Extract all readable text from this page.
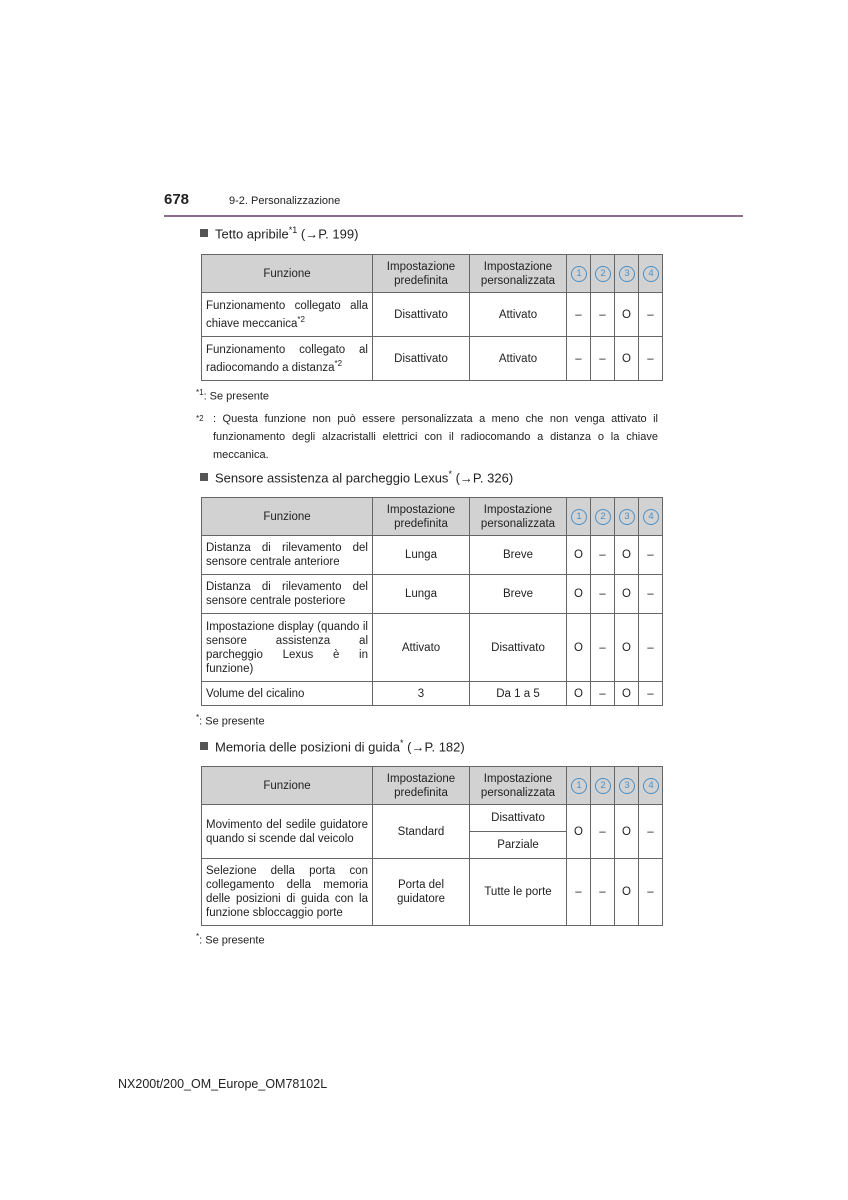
678	9-2. Personalizzazione
Tetto apribile$^{*1}$ (→P. 199)
Funzione	Impostazione predefinita	Impostazione personalizzata	1	2	3	4
Funzionamento collegato alla chiave meccanica$^{*2}$	Disattivato	Attivato	–	–	O	–
Funzionamento collegato al radiocomando a distanza$^{*2}$	Disattivato	Attivato	–	–	O	–
$^{*1}$: Se presente
*2 : Questa funzione non può essere personalizzata a meno che non venga attivato il funzionamento degli alzacristalli elettrici con il radiocomando a distanza o la chiave meccanica.
Sensore assistenza al parcheggio Lexus* (→P. 326)
Funzione	Impostazione predefinita	Impostazione personalizzata	1	2	3	4
Distanza di rilevamento del sensore centrale anteriore	Lunga	Breve	O	–	O	–
Distanza di rilevamento del sensore centrale posteriore	Lunga	Breve	O	–	O	–
Impostazione display (quando il sensore assistenza al parcheggio Lexus è in funzione)	Attivato	Disattivato	O	–	O	–
Volume del cicalino	3	Da 1 a 5	O	–	O	–
*: Se presente
Memoria delle posizioni di guida* (→P. 182)
Funzione	Impostazione predefinita	Impostazione personalizzata	1	2	3	4
Movimento del sedile guidatore quando si scende dal veicolo	Standard	Disattivato	O	–	O	–
		Parziale				
Selezione della porta con collegamento della memoria delle posizioni di guida con la funzione sbloccaggio porte	Porta del guidatore	Tutte le porte	–	–	O	–
*: Se presente
NX200t/200_OM_Europe_OM78102L
